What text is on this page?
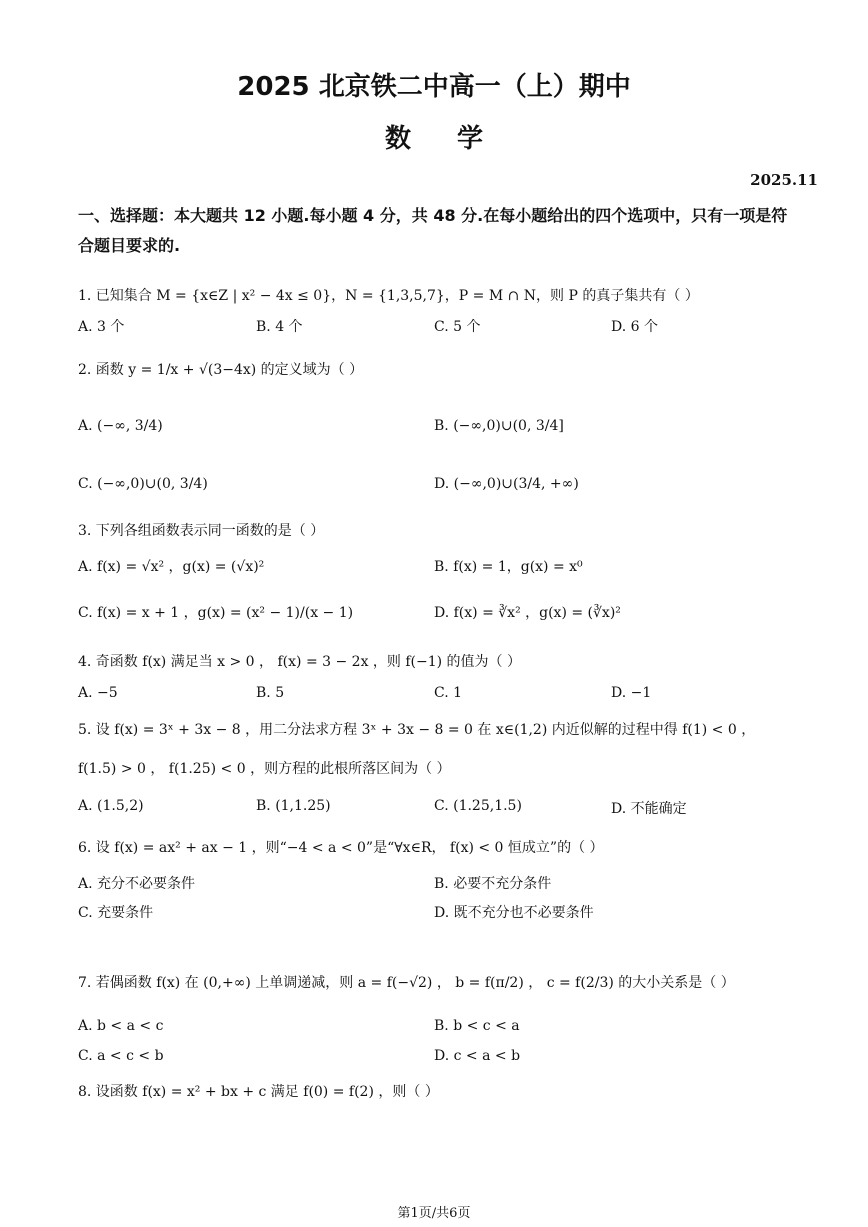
2025 北京铁二中高一（上）期中
数学
2025.11
一、选择题：本大题共 12 小题.每小题 4 分，共 48 分.在每小题给出的四个选项中，只有一项是符合题目要求的.
1. 已知集合 M = {x∈Z | x² − 4x ≤ 0}，N = {1,3,5,7}，P = M ∩ N，则 P 的真子集共有（ ）
A. 3 个	B. 4 个	C. 5 个	D. 6 个
2. 函数 y = 1/x + √(3−4x) 的定义域为（ ）
A. (−∞, 3/4)	B. (−∞,0)∪(0, 3/4]
C. (−∞,0)∪(0, 3/4)	D. (−∞,0)∪(3/4, +∞)
3. 下列各组函数表示同一函数的是（ ）
A. f(x) = √x² ，g(x) = (√x)²	B. f(x) = 1，g(x) = x⁰
C. f(x) = x + 1 ，g(x) = (x² − 1)/(x − 1)	D. f(x) = ∛x² ，g(x) = (∛x)²
4. 奇函数 f(x) 满足当 x > 0 ， f(x) = 3 − 2x ，则 f(−1) 的值为（ ）
A. −5	B. 5	C. 1	D. −1
5. 设 f(x) = 3ˣ + 3x − 8 ，用二分法求方程 3ˣ + 3x − 8 = 0 在 x∈(1,2) 内近似解的过程中得 f(1) < 0 ，
f(1.5) > 0 ， f(1.25) < 0 ，则方程的此根所落区间为（ ）
A. (1.5,2)	B. (1,1.25)	C. (1.25,1.5)	D. 不能确定
6. 设 f(x) = ax² + ax − 1 ，则“−4 < a < 0”是“∀x∈R， f(x) < 0 恒成立”的（ ）
A. 充分不必要条件	B. 必要不充分条件
C. 充要条件	D. 既不充分也不必要条件
7. 若偶函数 f(x) 在 (0,+∞) 上单调递减，则 a = f(−√2) ， b = f(π/2) ， c = f(2/3) 的大小关系是（ ）
A. b < a < c	B. b < c < a
C. a < c < b	D. c < a < b
8. 设函数 f(x) = x² + bx + c 满足 f(0) = f(2) ，则（ ）
第1页/共6页
